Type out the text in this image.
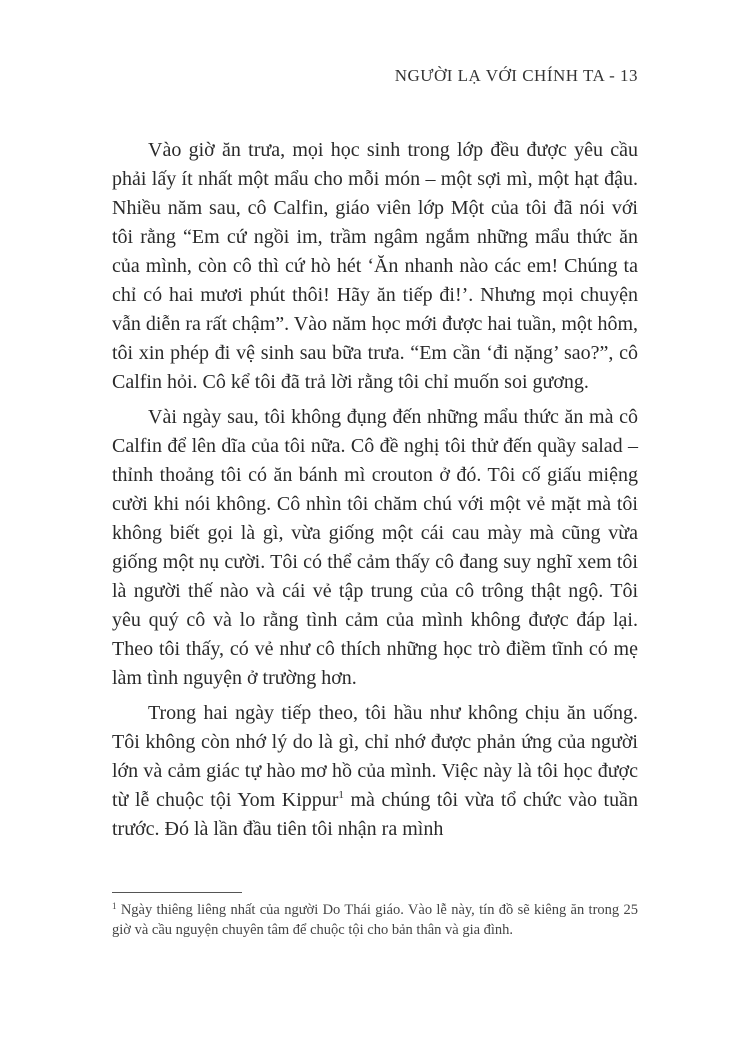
NGƯỜI LẠ VỚI CHÍNH TA - 13

Vào giờ ăn trưa, mọi học sinh trong lớp đều được yêu cầu phải lấy ít nhất một mẩu cho mỗi món – một sợi mì, một hạt đậu. Nhiều năm sau, cô Calfin, giáo viên lớp Một của tôi đã nói với tôi rằng “Em cứ ngồi im, trầm ngâm ngắm những mẩu thức ăn của mình, còn cô thì cứ hò hét ‘Ăn nhanh nào các em! Chúng ta chỉ có hai mươi phút thôi! Hãy ăn tiếp đi!’. Nhưng mọi chuyện vẫn diễn ra rất chậm”. Vào năm học mới được hai tuần, một hôm, tôi xin phép đi vệ sinh sau bữa trưa. “Em cần ‘đi nặng’ sao?”, cô Calfin hỏi. Cô kể tôi đã trả lời rằng tôi chỉ muốn soi gương.

Vài ngày sau, tôi không đụng đến những mẩu thức ăn mà cô Calfin để lên dĩa của tôi nữa. Cô đề nghị tôi thử đến quầy salad – thỉnh thoảng tôi có ăn bánh mì crouton ở đó. Tôi cố giấu miệng cười khi nói không. Cô nhìn tôi chăm chú với một vẻ mặt mà tôi không biết gọi là gì, vừa giống một cái cau mày mà cũng vừa giống một nụ cười. Tôi có thể cảm thấy cô đang suy nghĩ xem tôi là người thế nào và cái vẻ tập trung của cô trông thật ngộ. Tôi yêu quý cô và lo rằng tình cảm của mình không được đáp lại. Theo tôi thấy, có vẻ như cô thích những học trò điềm tĩnh có mẹ làm tình nguyện ở trường hơn.

Trong hai ngày tiếp theo, tôi hầu như không chịu ăn uống. Tôi không còn nhớ lý do là gì, chỉ nhớ được phản ứng của người lớn và cảm giác tự hào mơ hồ của mình. Việc này là tôi học được từ lễ chuộc tội Yom Kippur$^1$ mà chúng tôi vừa tổ chức vào tuần trước. Đó là lần đầu tiên tôi nhận ra mình

$^1$ Ngày thiêng liêng nhất của người Do Thái giáo. Vào lễ này, tín đồ sẽ kiêng ăn trong 25 giờ và cầu nguyện chuyên tâm để chuộc tội cho bản thân và gia đình.
